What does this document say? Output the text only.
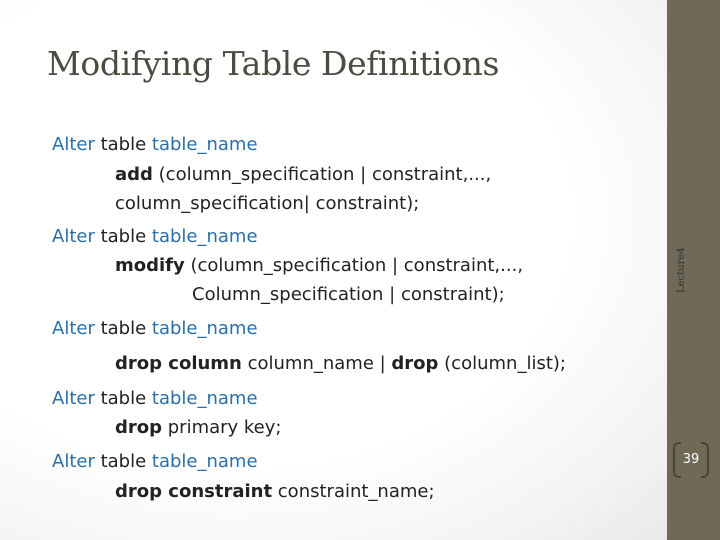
Modifying Table Definitions
Alter table table_name
add (column_specification | constraint,...,
column_specification| constraint);
Alter table table_name
modify (column_specification | constraint,...,
Column_specification | constraint);
Alter table table_name
drop column column_name | drop (column_list);
Alter table table_name
drop primary key;
Alter table table_name
drop constraint constraint_name;
Lecture4
39
